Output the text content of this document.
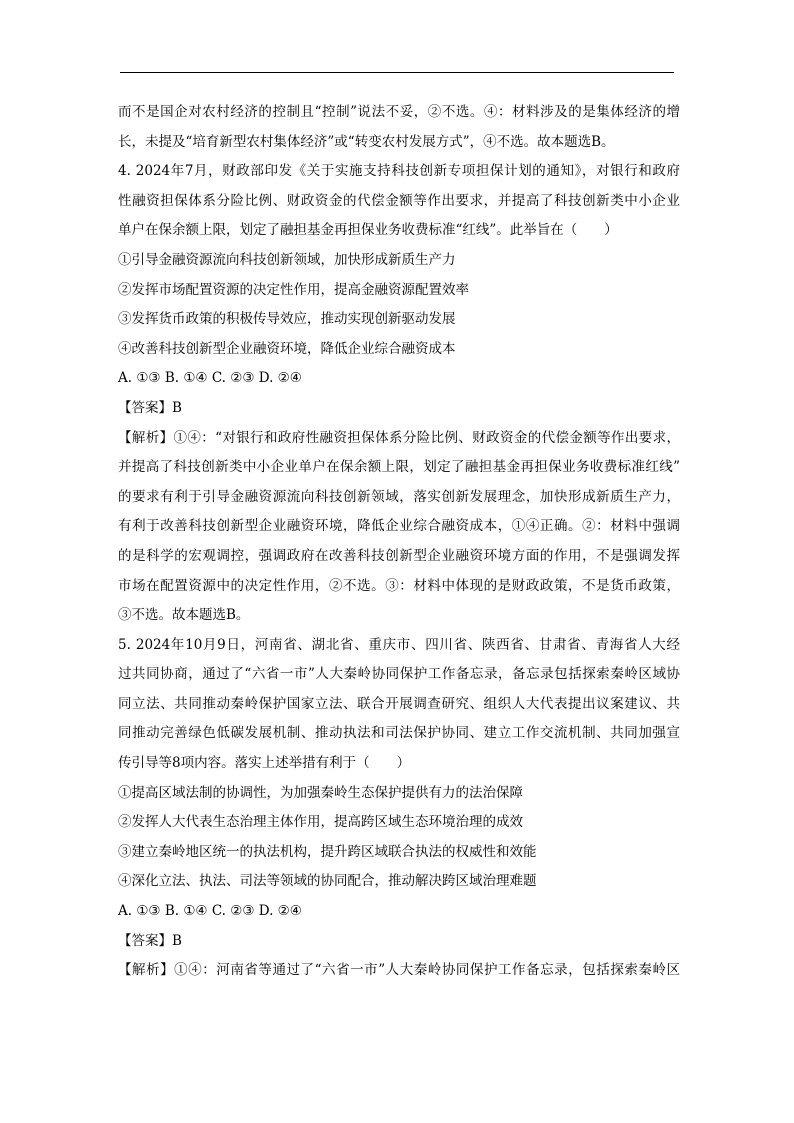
而不是国企对农村经济的控制且“控制”说法不妥，②不选。④：材料涉及的是集体经济的增
长，未提及“培育新型农村集体经济”或“转变农村发展方式”，④不选。故本题选B。
4. 2024年7月，财政部印发《关于实施支持科技创新专项担保计划的通知》，对银行和政府
性融资担保体系分险比例、财政资金的代偿金额等作出要求，并提高了科技创新类中小企业
单户在保余额上限，划定了融担基金再担保业务收费标准“红线”。此举旨在（　　）
①引导金融资源流向科技创新领域，加快形成新质生产力
②发挥市场配置资源的决定性作用，提高金融资源配置效率
③发挥货币政策的积极传导效应，推动实现创新驱动发展
④改善科技创新型企业融资环境，降低企业综合融资成本
A. ①③ B. ①④ C. ②③ D. ②④
【答案】B
【解析】①④：“对银行和政府性融资担保体系分险比例、财政资金的代偿金额等作出要求，
并提高了科技创新类中小企业单户在保余额上限，划定了融担基金再担保业务收费标准红线”
的要求有利于引导金融资源流向科技创新领域，落实创新发展理念，加快形成新质生产力，
有利于改善科技创新型企业融资环境，降低企业综合融资成本，①④正确。②：材料中强调
的是科学的宏观调控，强调政府在改善科技创新型企业融资环境方面的作用，不是强调发挥
市场在配置资源中的决定性作用，②不选。③：材料中体现的是财政政策，不是货币政策，
③不选。故本题选B。
5. 2024年10月9日，河南省、湖北省、重庆市、四川省、陕西省、甘肃省、青海省人大经
过共同协商，通过了“六省一市”人大秦岭协同保护工作备忘录，备忘录包括探索秦岭区域协
同立法、共同推动秦岭保护国家立法、联合开展调查研究、组织人大代表提出议案建议、共
同推动完善绿色低碳发展机制、推动执法和司法保护协同、建立工作交流机制、共同加强宣
传引导等8项内容。落实上述举措有利于（　　）
①提高区域法制的协调性，为加强秦岭生态保护提供有力的法治保障
②发挥人大代表生态治理主体作用，提高跨区域生态环境治理的成效
③建立秦岭地区统一的执法机构，提升跨区域联合执法的权威性和效能
④深化立法、执法、司法等领域的协同配合，推动解决跨区域治理难题
A. ①③ B. ①④ C. ②③ D. ②④
【答案】B
【解析】①④：河南省等通过了“六省一市”人大秦岭协同保护工作备忘录，包括探索秦岭区
